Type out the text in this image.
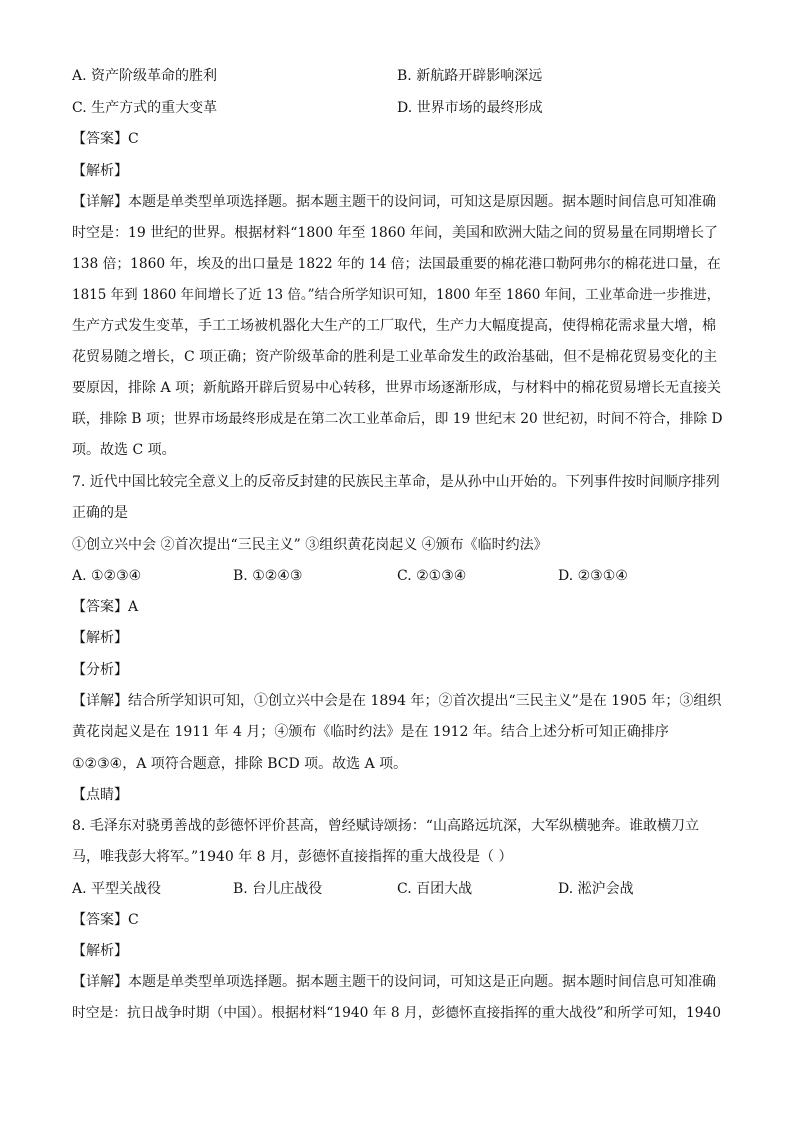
A. 资产阶级革命的胜利	B. 新航路开辟影响深远
C. 生产方式的重大变革	D. 世界市场的最终形成
【答案】C
【解析】
【详解】本题是单类型单项选择题。据本题主题干的设问词，可知这是原因题。据本题时间信息可知准确
时空是：19 世纪的世界。根据材料“1800 年至 1860 年间，美国和欧洲大陆之间的贸易量在同期增长了
138 倍；1860 年，埃及的出口量是 1822 年的 14 倍；法国最重要的棉花港口勒阿弗尔的棉花进口量，在
1815 年到 1860 年间增长了近 13 倍。”结合所学知识可知，1800 年至 1860 年间，工业革命进一步推进，
生产方式发生变革，手工工场被机器化大生产的工厂取代，生产力大幅度提高，使得棉花需求量大增，棉
花贸易随之增长，C 项正确；资产阶级革命的胜利是工业革命发生的政治基础，但不是棉花贸易变化的主
要原因，排除 A 项；新航路开辟后贸易中心转移，世界市场逐渐形成，与材料中的棉花贸易增长无直接关
联，排除 B 项；世界市场最终形成是在第二次工业革命后，即 19 世纪末 20 世纪初，时间不符合，排除 D
项。故选 C 项。
7. 近代中国比较完全意义上的反帝反封建的民族民主革命，是从孙中山开始的。下列事件按时间顺序排列
正确的是
①创立兴中会 ②首次提出“三民主义” ③组织黄花岗起义 ④颁布《临时约法》
A. ①②③④	B. ①②④③	C. ②①③④	D. ②③①④
【答案】A
【解析】
【分析】
【详解】结合所学知识可知，①创立兴中会是在 1894 年；②首次提出“三民主义”是在 1905 年；③组织
黄花岗起义是在 1911 年 4 月；④颁布《临时约法》是在 1912 年。结合上述分析可知正确排序
①②③④，A 项符合题意，排除 BCD 项。故选 A 项。
【点睛】
8. 毛泽东对骁勇善战的彭德怀评价甚高，曾经赋诗颂扬：“山高路远坑深，大军纵横驰奔。谁敢横刀立
马，唯我彭大将军。”1940 年 8 月，彭德怀直接指挥的重大战役是（ ）
A. 平型关战役	B. 台儿庄战役	C. 百团大战	D. 淞沪会战
【答案】C
【解析】
【详解】本题是单类型单项选择题。据本题主题干的设问词，可知这是正向题。据本题时间信息可知准确
时空是：抗日战争时期（中国）。根据材料“1940 年 8 月，彭德怀直接指挥的重大战役”和所学可知，1940
